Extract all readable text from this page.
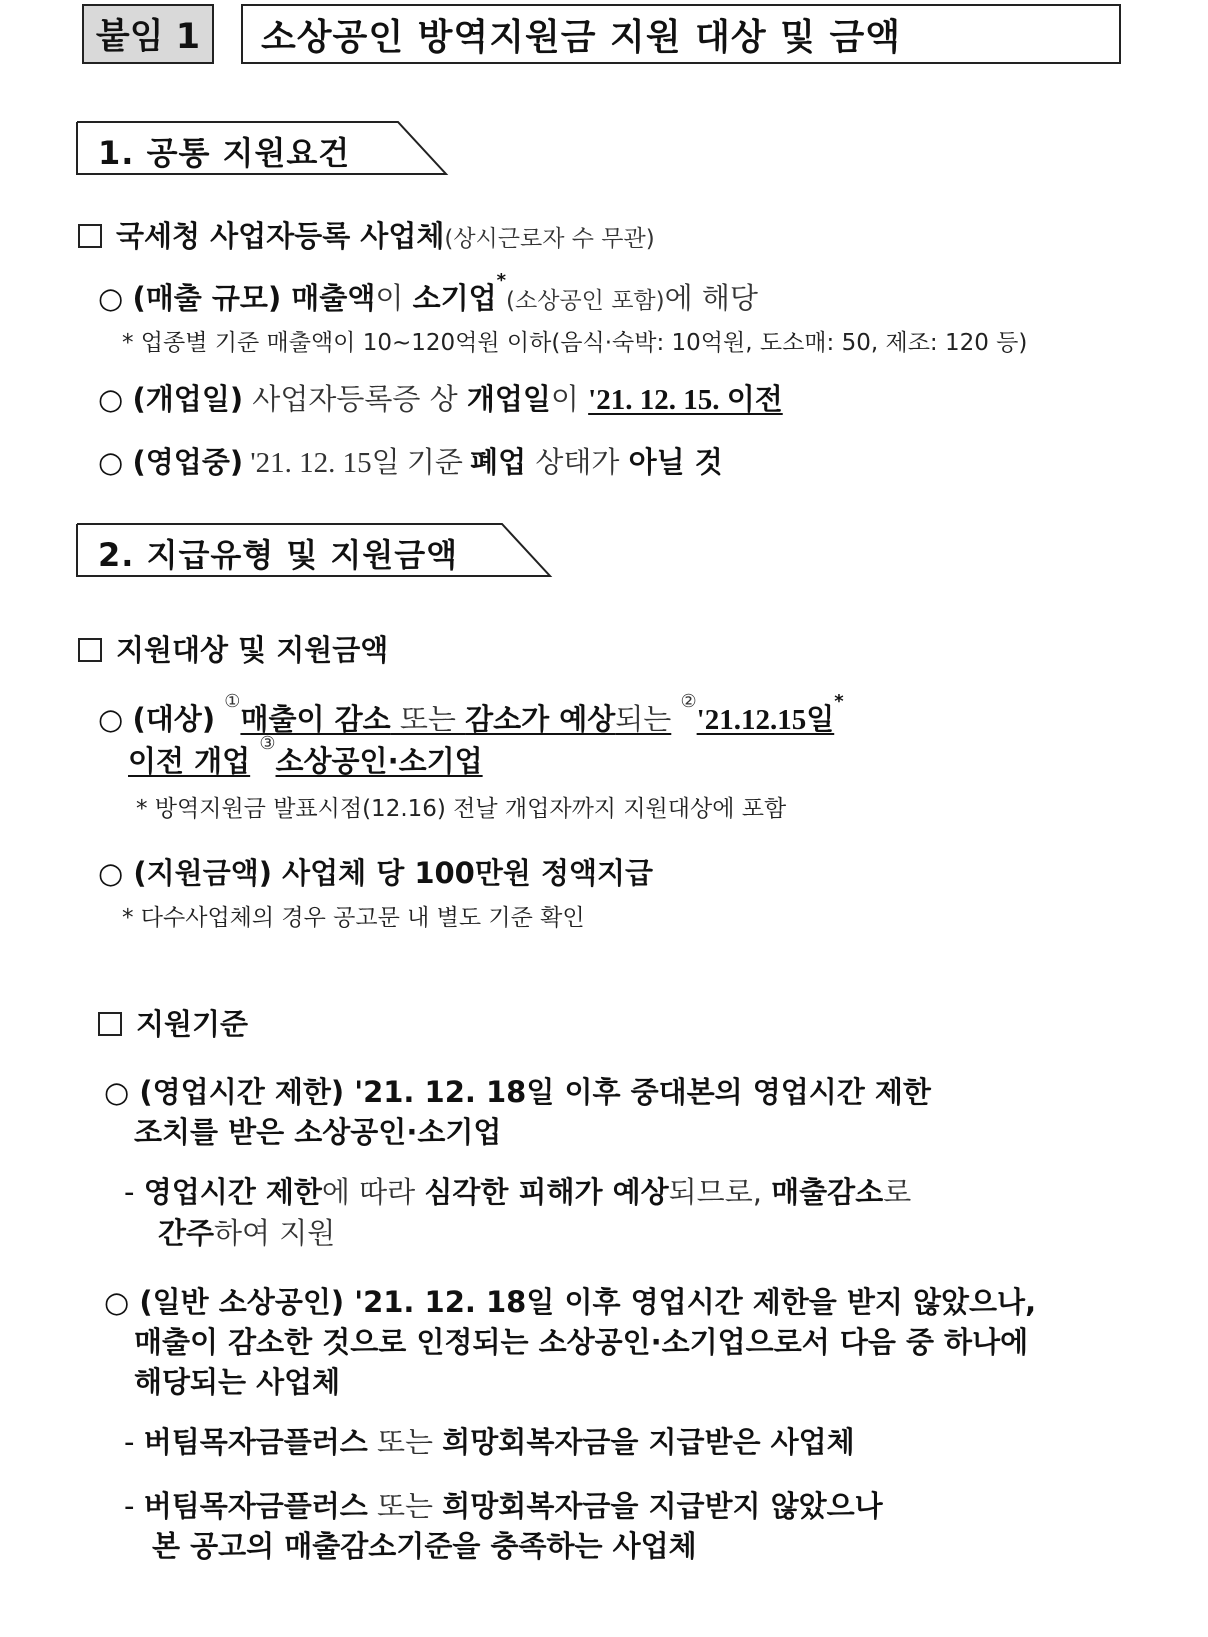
붙임 1	소상공인 방역지원금 지원 대상 및 금액
1. 공통 지원요건
국세청 사업자등록 사업체(상시근로자 수 무관)
○ (매출 규모) 매출액이 소기업*(소상공인 포함)에 해당
* 업종별 기준 매출액이 10~120억원 이하(음식·숙박: 10억원, 도소매: 50, 제조: 120 등)
○ (개업일) 사업자등록증 상 개업일이 '21. 12. 15. 이전
○ (영업중) '21. 12. 15일 기준 폐업 상태가 아닐 것
2. 지급유형 및 지원금액
지원대상 및 지원금액
○ (대상) ①매출이 감소 또는 감소가 예상되는 ②'21.12.15일*
이전 개업 ③소상공인·소기업
* 방역지원금 발표시점(12.16) 전날 개업자까지 지원대상에 포함
○ (지원금액) 사업체 당 100만원 정액지급
* 다수사업체의 경우 공고문 내 별도 기준 확인
지원기준
○ (영업시간 제한) '21. 12. 18일 이후 중대본의 영업시간 제한
조치를 받은 소상공인·소기업
- 영업시간 제한에 따라 심각한 피해가 예상되므로, 매출감소로
간주하여 지원
○ (일반 소상공인) '21. 12. 18일 이후 영업시간 제한을 받지 않았으나,
매출이 감소한 것으로 인정되는 소상공인·소기업으로서 다음 중 하나에
해당되는 사업체
- 버팀목자금플러스 또는 희망회복자금을 지급받은 사업체
- 버팀목자금플러스 또는 희망회복자금을 지급받지 않았으나
본 공고의 매출감소기준을 충족하는 사업체
